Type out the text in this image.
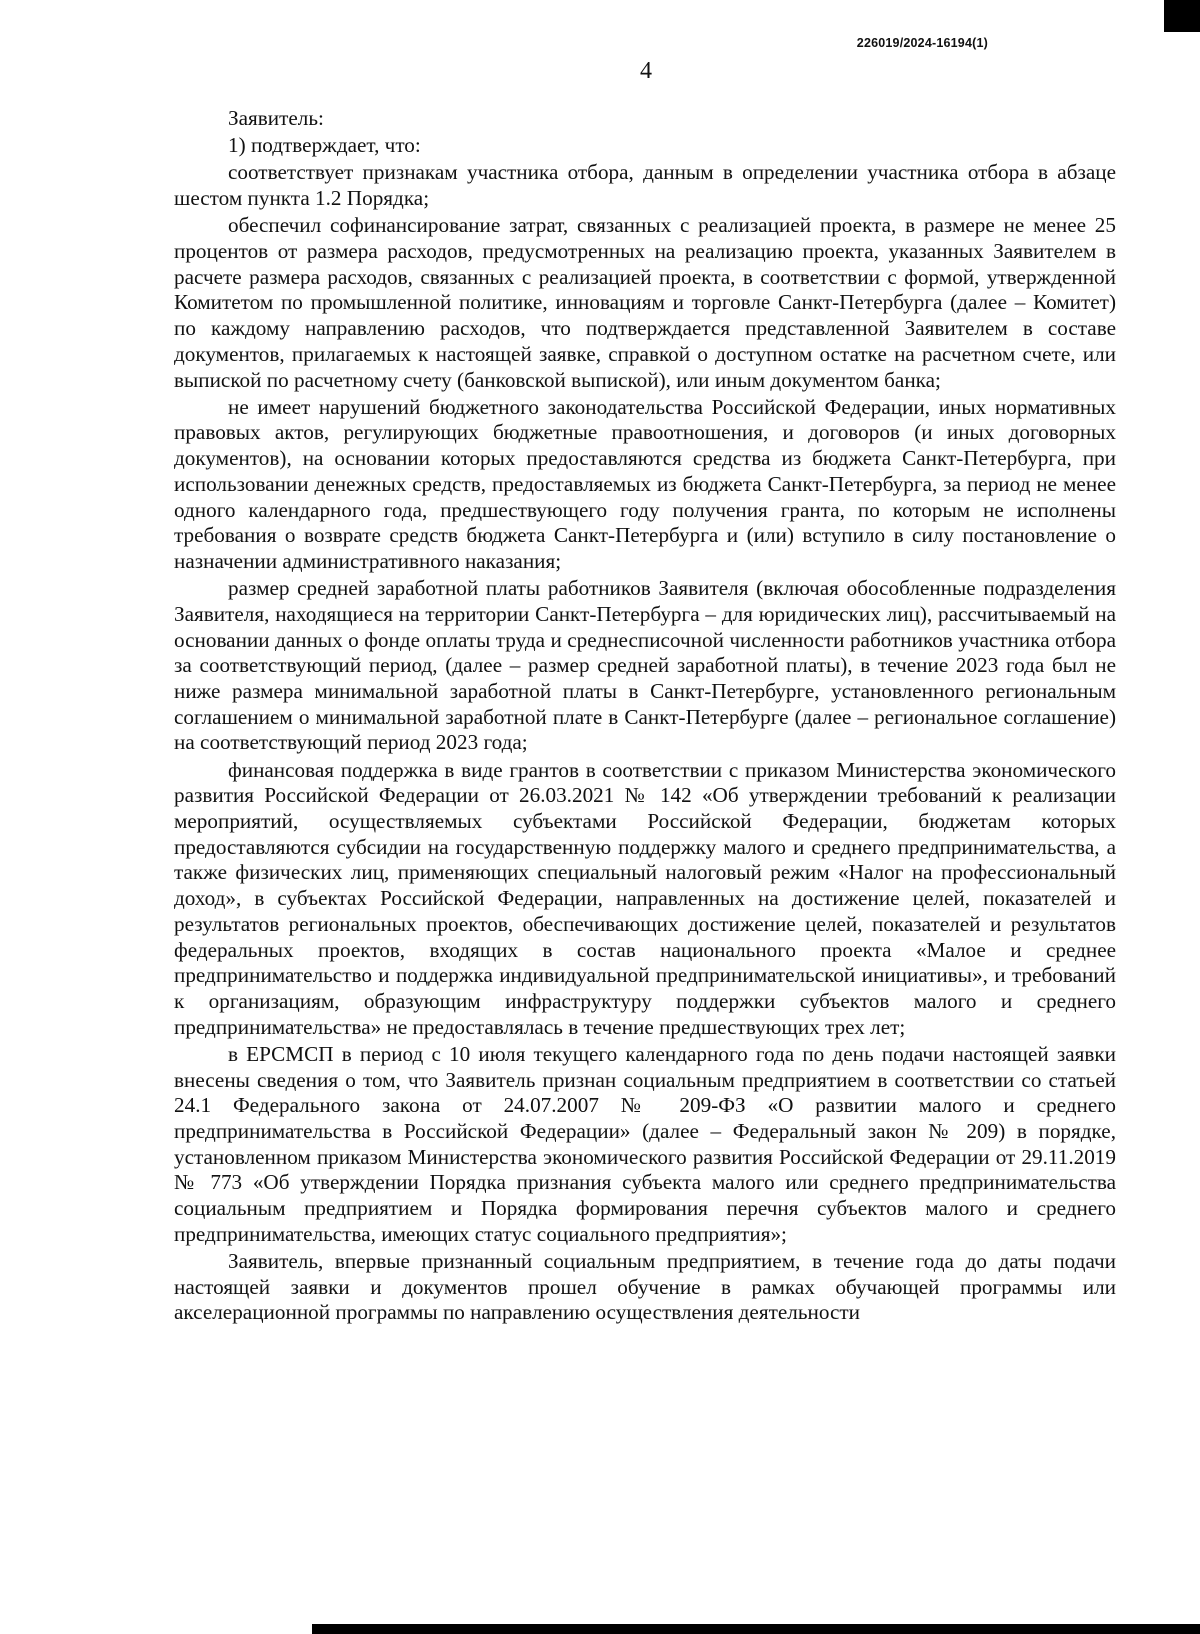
226019/2024-16194(1)
4

Заявитель:

1) подтверждает, что:

соответствует признакам участника отбора, данным в определении участника отбора в абзаце шестом пункта 1.2 Порядка;

обеспечил софинансирование затрат, связанных с реализацией проекта, в размере не менее 25 процентов от размера расходов, предусмотренных на реализацию проекта, указанных Заявителем в расчете размера расходов, связанных с реализацией проекта, в соответствии с формой, утвержденной Комитетом по промышленной политике, инновациям и торговле Санкт-Петербурга (далее – Комитет) по каждому направлению расходов, что подтверждается представленной Заявителем в составе документов, прилагаемых к настоящей заявке, справкой о доступном остатке на расчетном счете, или выпиской по расчетному счету (банковской выпиской), или иным документом банка;

не имеет нарушений бюджетного законодательства Российской Федерации, иных нормативных правовых актов, регулирующих бюджетные правоотношения, и договоров (и иных договорных документов), на основании которых предоставляются средства из бюджета Санкт-Петербурга, при использовании денежных средств, предоставляемых из бюджета Санкт-Петербурга, за период не менее одного календарного года, предшествующего году получения гранта, по которым не исполнены требования о возврате средств бюджета Санкт-Петербурга и (или) вступило в силу постановление о назначении административного наказания;

размер средней заработной платы работников Заявителя (включая обособленные подразделения Заявителя, находящиеся на территории Санкт-Петербурга – для юридических лиц), рассчитываемый на основании данных о фонде оплаты труда и среднесписочной численности работников участника отбора за соответствующий период, (далее – размер средней заработной платы), в течение 2023 года был не ниже размера минимальной заработной платы в Санкт-Петербурге, установленного региональным соглашением о минимальной заработной плате в Санкт-Петербурге (далее – региональное соглашение) на соответствующий период 2023 года;

финансовая поддержка в виде грантов в соответствии с приказом Министерства экономического развития Российской Федерации от 26.03.2021 № 142 «Об утверждении требований к реализации мероприятий, осуществляемых субъектами Российской Федерации, бюджетам которых предоставляются субсидии на государственную поддержку малого и среднего предпринимательства, а также физических лиц, применяющих специальный налоговый режим «Налог на профессиональный доход», в субъектах Российской Федерации, направленных на достижение целей, показателей и результатов региональных проектов, обеспечивающих достижение целей, показателей и результатов федеральных проектов, входящих в состав национального проекта «Малое и среднее предпринимательство и поддержка индивидуальной предпринимательской инициативы», и требований к организациям, образующим инфраструктуру поддержки субъектов малого и среднего предпринимательства» не предоставлялась в течение предшествующих трех лет;

в ЕРСМСП в период с 10 июля текущего календарного года по день подачи настоящей заявки внесены сведения о том, что Заявитель признан социальным предприятием в соответствии со статьей 24.1 Федерального закона от 24.07.2007 № 209-ФЗ «О развитии малого и среднего предпринимательства в Российской Федерации» (далее – Федеральный закон № 209) в порядке, установленном приказом Министерства экономического развития Российской Федерации от 29.11.2019 № 773 «Об утверждении Порядка признания субъекта малого или среднего предпринимательства социальным предприятием и Порядка формирования перечня субъектов малого и среднего предпринимательства, имеющих статус социального предприятия»;

Заявитель, впервые признанный социальным предприятием, в течение года до даты подачи настоящей заявки и документов прошел обучение в рамках обучающей программы или акселерационной программы по направлению осуществления деятельности
